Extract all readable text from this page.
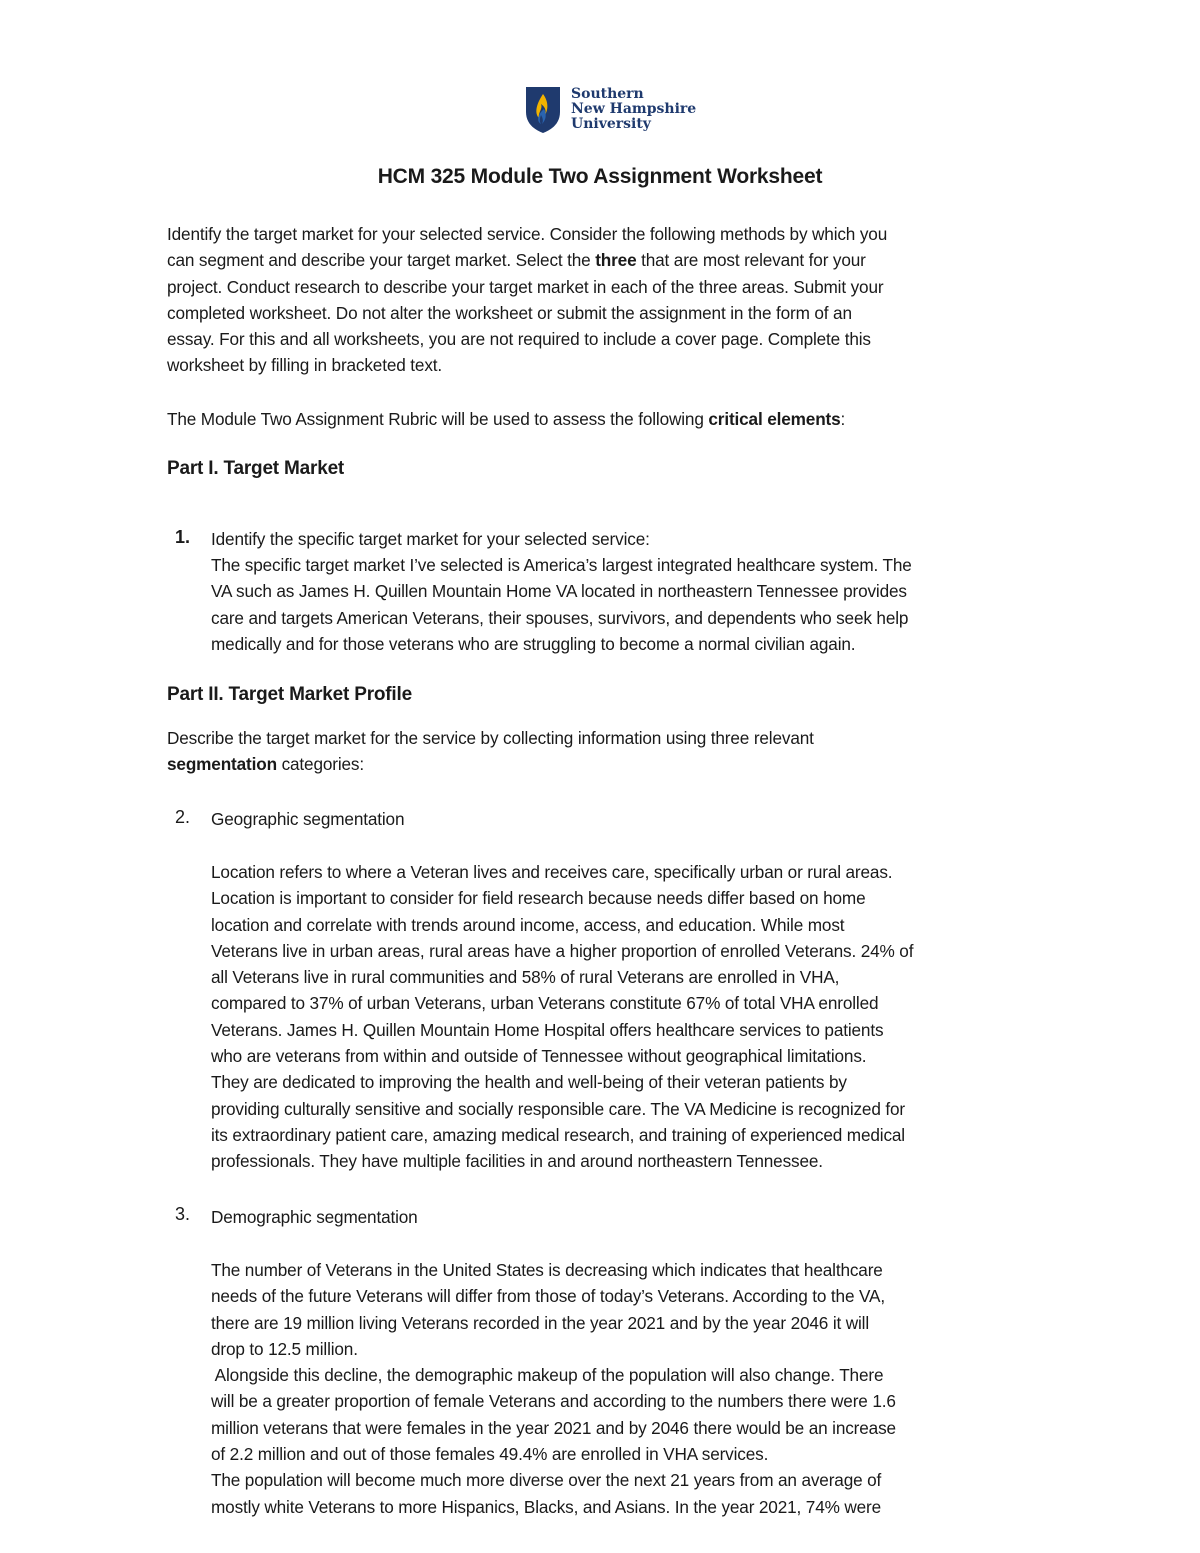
Southern
New Hampshire
University
HCM 325 Module Two Assignment Worksheet
Identify the target market for your selected service. Consider the following methods by which you
can segment and describe your target market. Select the three that are most relevant for your
project. Conduct research to describe your target market in each of the three areas. Submit your
completed worksheet. Do not alter the worksheet or submit the assignment in the form of an
essay. For this and all worksheets, you are not required to include a cover page. Complete this
worksheet by filling in bracketed text.
The Module Two Assignment Rubric will be used to assess the following critical elements:
Part I. Target Market
1. Identify the specific target market for your selected service:
The specific target market I’ve selected is America’s largest integrated healthcare system. The
VA such as James H. Quillen Mountain Home VA located in northeastern Tennessee provides
care and targets American Veterans, their spouses, survivors, and dependents who seek help
medically and for those veterans who are struggling to become a normal civilian again.
Part II. Target Market Profile
Describe the target market for the service by collecting information using three relevant
segmentation categories:
2. Geographic segmentation
Location refers to where a Veteran lives and receives care, specifically urban or rural areas.
Location is important to consider for field research because needs differ based on home
location and correlate with trends around income, access, and education. While most
Veterans live in urban areas, rural areas have a higher proportion of enrolled Veterans. 24% of
all Veterans live in rural communities and 58% of rural Veterans are enrolled in VHA,
compared to 37% of urban Veterans, urban Veterans constitute 67% of total VHA enrolled
Veterans. James H. Quillen Mountain Home Hospital offers healthcare services to patients
who are veterans from within and outside of Tennessee without geographical limitations.
They are dedicated to improving the health and well-being of their veteran patients by
providing culturally sensitive and socially responsible care. The VA Medicine is recognized for
its extraordinary patient care, amazing medical research, and training of experienced medical
professionals. They have multiple facilities in and around northeastern Tennessee.
3. Demographic segmentation
The number of Veterans in the United States is decreasing which indicates that healthcare
needs of the future Veterans will differ from those of today’s Veterans. According to the VA,
there are 19 million living Veterans recorded in the year 2021 and by the year 2046 it will
drop to 12.5 million.
Alongside this decline, the demographic makeup of the population will also change. There
will be a greater proportion of female Veterans and according to the numbers there were 1.6
million veterans that were females in the year 2021 and by 2046 there would be an increase
of 2.2 million and out of those females 49.4% are enrolled in VHA services.
The population will become much more diverse over the next 21 years from an average of
mostly white Veterans to more Hispanics, Blacks, and Asians. In the year 2021, 74% were
